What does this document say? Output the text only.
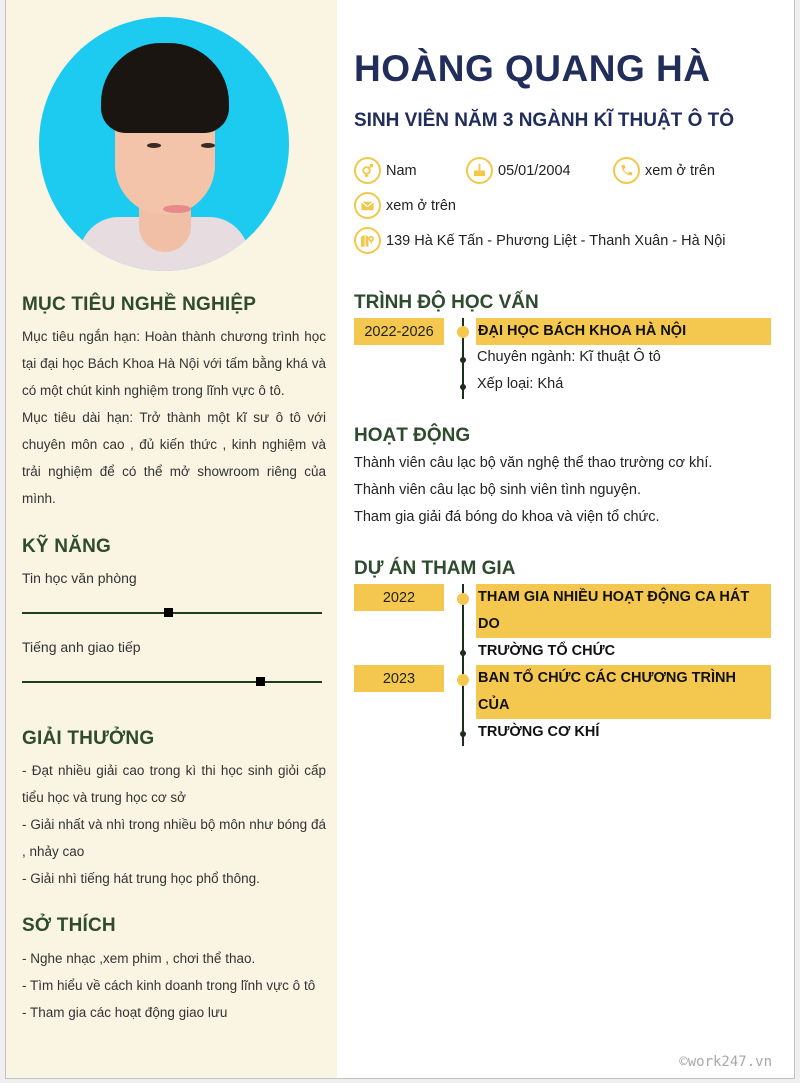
MỤC TIÊU NGHỀ NGHIỆP
Mục tiêu ngắn hạn: Hoàn thành chương trình học tại đại học Bách Khoa Hà Nội với tấm bằng khá và có một chút kinh nghiệm trong lĩnh vực ô tô.
Mục tiêu dài hạn: Trở thành một kĩ sư ô tô với chuyên môn cao , đủ kiến thức , kinh nghiệm và trải nghiệm để có thể mở showroom riêng của mình.
KỸ NĂNG
Tin học văn phòng
Tiếng anh giao tiếp
GIẢI THƯỞNG
- Đạt nhiều giải cao trong kì thi học sinh giỏi cấp tiểu học và trung học cơ sở
- Giải nhất và nhì trong nhiều bộ môn như bóng đá , nhảy cao
- Giải nhì tiếng hát trung học phổ thông.
SỞ THÍCH
- Nghe nhạc ,xem phim , chơi thể thao.
- Tìm hiểu về cách kinh doanh trong lĩnh vực ô tô
- Tham gia các hoạt động giao lưu
HOÀNG QUANG HÀ
SINH VIÊN NĂM 3 NGÀNH KĨ THUẬT Ô TÔ
Nam	05/01/2004	xem ở trên
xem ở trên
139 Hà Kế Tấn - Phương Liệt - Thanh Xuân - Hà Nội
TRÌNH ĐỘ HỌC VẤN
2022-2026	ĐẠI HỌC BÁCH KHOA HÀ NỘI
Chuyên ngành: Kĩ thuật Ô tô
Xếp loại: Khá
HOẠT ĐỘNG
Thành viên câu lạc bộ văn nghệ thể thao trường cơ khí.
Thành viên câu lạc bộ sinh viên tình nguyện.
Tham gia giải đá bóng do khoa và viện tổ chức.
DỰ ÁN THAM GIA
2022	THAM GIA NHIỀU HOẠT ĐỘNG CA HÁT DO
TRƯỜNG TỔ CHỨC
2023	BAN TỔ CHỨC CÁC CHƯƠNG TRÌNH CỦA
TRƯỜNG CƠ KHÍ
©work247.vn
